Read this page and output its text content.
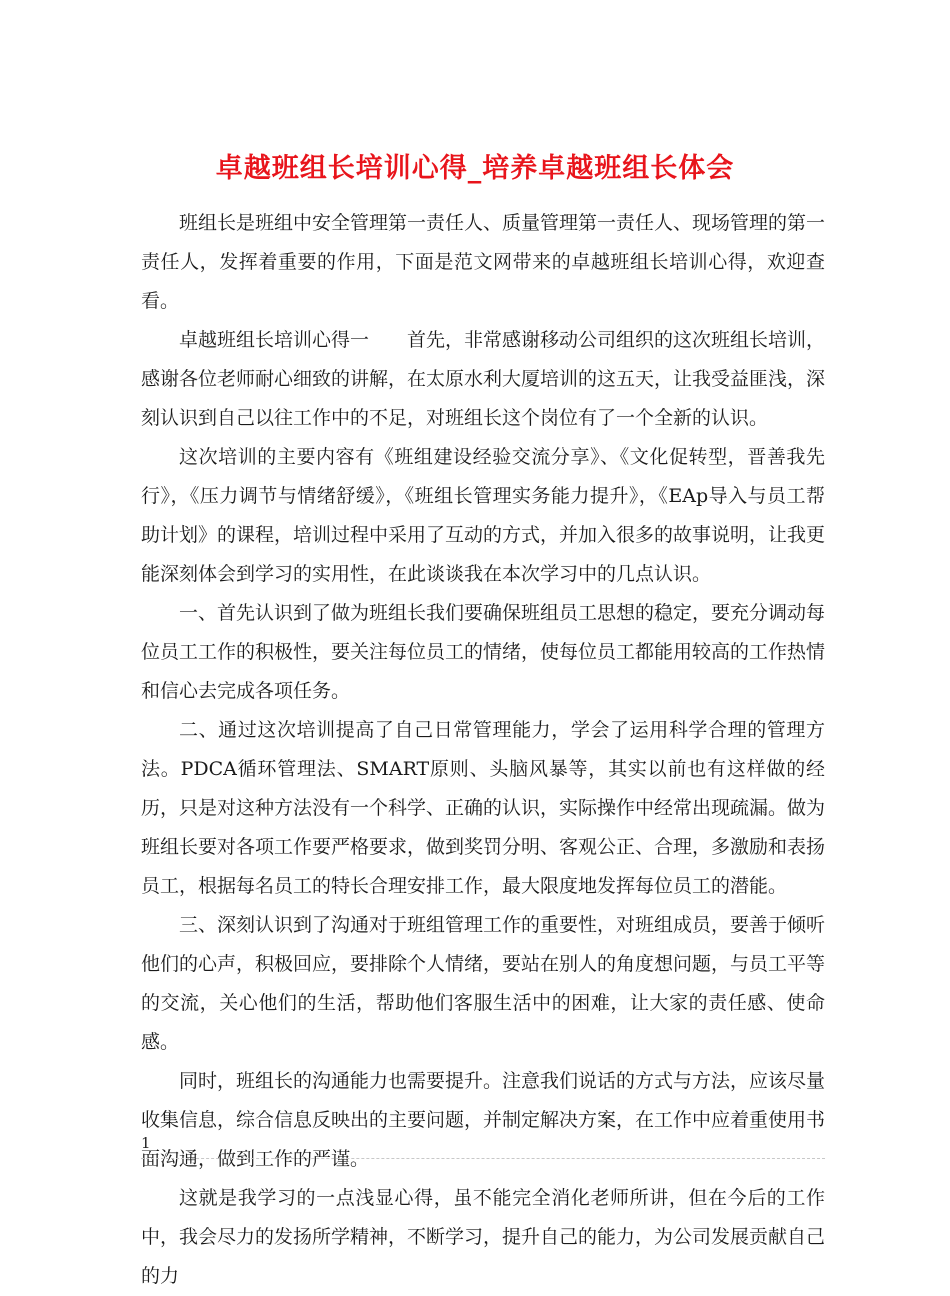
卓越班组长培训心得_培养卓越班组长体会

班组长是班组中安全管理第一责任人、质量管理第一责任人、现场管理的第一责任人，发挥着重要的作用，下面是范文网带来的卓越班组长培训心得，欢迎查看。

卓越班组长培训心得一　　首先，非常感谢移动公司组织的这次班组长培训，感谢各位老师耐心细致的讲解，在太原水利大厦培训的这五天，让我受益匪浅，深刻认识到自己以往工作中的不足，对班组长这个岗位有了一个全新的认识。

这次培训的主要内容有《班组建设经验交流分享》、《文化促转型，晋善我先行》，《压力调节与情绪舒缓》，《班组长管理实务能力提升》，《EAp导入与员工帮助计划》的课程，培训过程中采用了互动的方式，并加入很多的故事说明，让我更能深刻体会到学习的实用性，在此谈谈我在本次学习中的几点认识。

一、首先认识到了做为班组长我们要确保班组员工思想的稳定，要充分调动每位员工工作的积极性，要关注每位员工的情绪，使每位员工都能用较高的工作热情和信心去完成各项任务。

二、通过这次培训提高了自己日常管理能力，学会了运用科学合理的管理方法。PDCA循环管理法、SMART原则、头脑风暴等，其实以前也有这样做的经历，只是对这种方法没有一个科学、正确的认识，实际操作中经常出现疏漏。做为班组长要对各项工作要严格要求，做到奖罚分明、客观公正、合理，多激励和表扬员工，根据每名员工的特长合理安排工作，最大限度地发挥每位员工的潜能。

三、深刻认识到了沟通对于班组管理工作的重要性，对班组成员，要善于倾听他们的心声，积极回应，要排除个人情绪，要站在别人的角度想问题，与员工平等的交流，关心他们的生活，帮助他们客服生活中的困难，让大家的责任感、使命感。

同时，班组长的沟通能力也需要提升。注意我们说话的方式与方法，应该尽量收集信息，综合信息反映出的主要问题，并制定解决方案，在工作中应着重使用书面沟通，做到工作的严谨。

这就是我学习的一点浅显心得，虽不能完全消化老师所讲，但在今后的工作中，我会尽力的发扬所学精神，不断学习，提升自己的能力，为公司发展贡献自己的力

1
